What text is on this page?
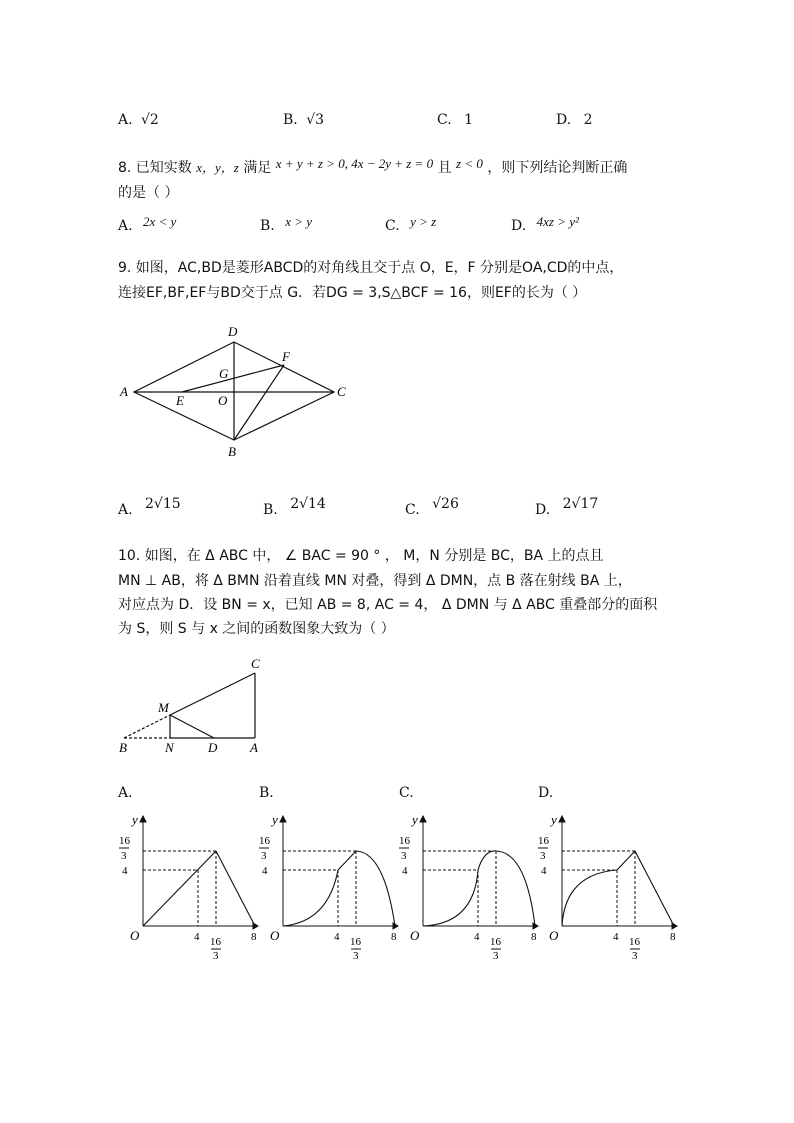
A. √2	B. √3	C. 1	D. 2
8. 已知实数 x，y，z 满足 x + y + z > 0, 4x − 2y + z = 0 且 z < 0 ，则下列结论判断正确
的是（ ）
A. 2x < y	B. x > y	C. y > z	D. 4xz > y²
9. 如图，AC,BD是菱形ABCD的对角线且交于点 O，E，F 分别是OA,CD的中点，
连接EF,BF,EF与BD交于点 G．若DG = 3,S△BCF = 16，则EF的长为（ ）
A
D
C
B
E
F
G
O
A. 2√15	B. 2√14	C. √26	D. 2√17
10. 如图，在 Δ ABC 中， ∠ BAC = 90 ° ， M，N 分别是 BC，BA 上的点且
MN ⊥ AB，将 Δ BMN 沿着直线 MN 对叠，得到 Δ DMN，点 B 落在射线 BA 上，
对应点为 D．设 BN = x，已知 AB = 8, AC = 4， Δ DMN 与 Δ ABC 重叠部分的面积
为 S，则 S 与 x 之间的函数图象大致为（ ）
C
M
B	N	D	A
A.	B.	C.	D.
y
O
16
3
4
4 16
3
8
y
O
16
3
4
4 16
3
8
y
O
16
3
4
4 16
3
8
y
O
16
3
4
4 16
3
8
